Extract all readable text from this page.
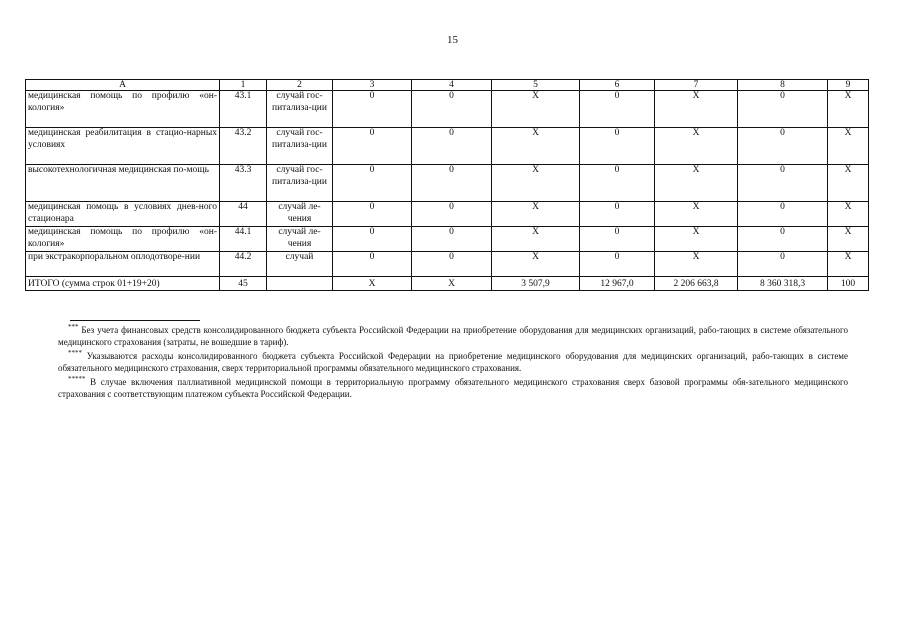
15
А	1	2	3	4	5	6	7	8	9
медицинская помощь по профилю «он-кология»	43.1	случай гос-питализа-ции	0	0	Х	0	Х	0	Х
медицинская реабилитация в стацио-нарных условиях	43.2	случай гос-питализа-ции	0	0	Х	0	Х	0	Х
высокотехнологичная медицинская по-мощь	43.3	случай гос-питализа-ции	0	0	Х	0	Х	0	Х
медицинская помощь в условиях днев-ного стационара	44	случай ле-чения	0	0	Х	0	Х	0	Х
медицинская помощь по профилю «он-кология»	44.1	случай ле-чения	0	0	Х	0	Х	0	Х
при экстракорпоральном оплодотворе-нии	44.2	случай	0	0	Х	0	Х	0	Х
ИТОГО (сумма строк 01+19+20)	45		Х	Х	3 507,9	12 967,0	2 206 663,8	8 360 318,3	100

*** Без учета финансовых средств консолидированного бюджета субъекта Российской Федерации на приобретение оборудования для медицинских организаций, рабо-тающих в системе обязательного медицинского страхования (затраты, не вошедшие в тариф).

**** Указываются расходы консолидированного бюджета субъекта Российской Федерации на приобретение медицинского оборудования для медицинских организаций, рабо-тающих в системе обязательного медицинского страхования, сверх территориальной программы обязательного медицинского страхования.

***** В случае включения паллиативной медицинской помощи в территориальную программу обязательного медицинского страхования сверх базовой программы обя-зательного медицинского страхования с соответствующим платежом субъекта Российской Федерации.
